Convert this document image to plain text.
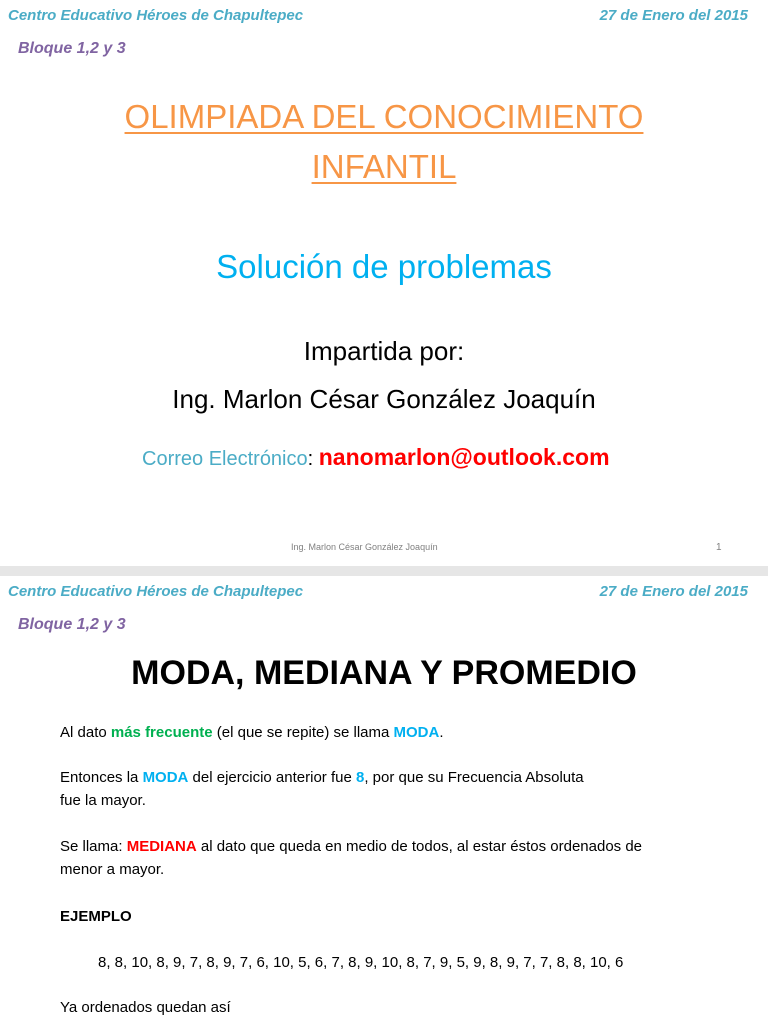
Centro Educativo Héroes de Chapultepec	27 de Enero del 2015
Bloque 1,2 y 3
OLIMPIADA DEL CONOCIMIENTO
INFANTIL
Solución de problemas
Impartida por:
Ing. Marlon César González Joaquín
Correo Electrónico: nanomarlon@outlook.com
Ing. Marlon César González Joaquín	1
Centro Educativo Héroes de Chapultepec	27 de Enero del 2015
Bloque 1,2 y 3
MODA, MEDIANA Y PROMEDIO
Al dato más frecuente (el que se repite) se llama MODA.
Entonces la MODA del ejercicio anterior fue 8, por que su Frecuencia Absoluta
fue la mayor.
Se llama: MEDIANA al dato que queda en medio de todos, al estar éstos ordenados de
menor a mayor.
EJEMPLO
8, 8, 10, 8, 9, 7, 8, 9, 7, 6, 10, 5, 6, 7, 8, 9, 10, 8, 7, 9, 5, 9, 8, 9, 7, 7, 8, 8, 10, 6
Ya ordenados quedan así
